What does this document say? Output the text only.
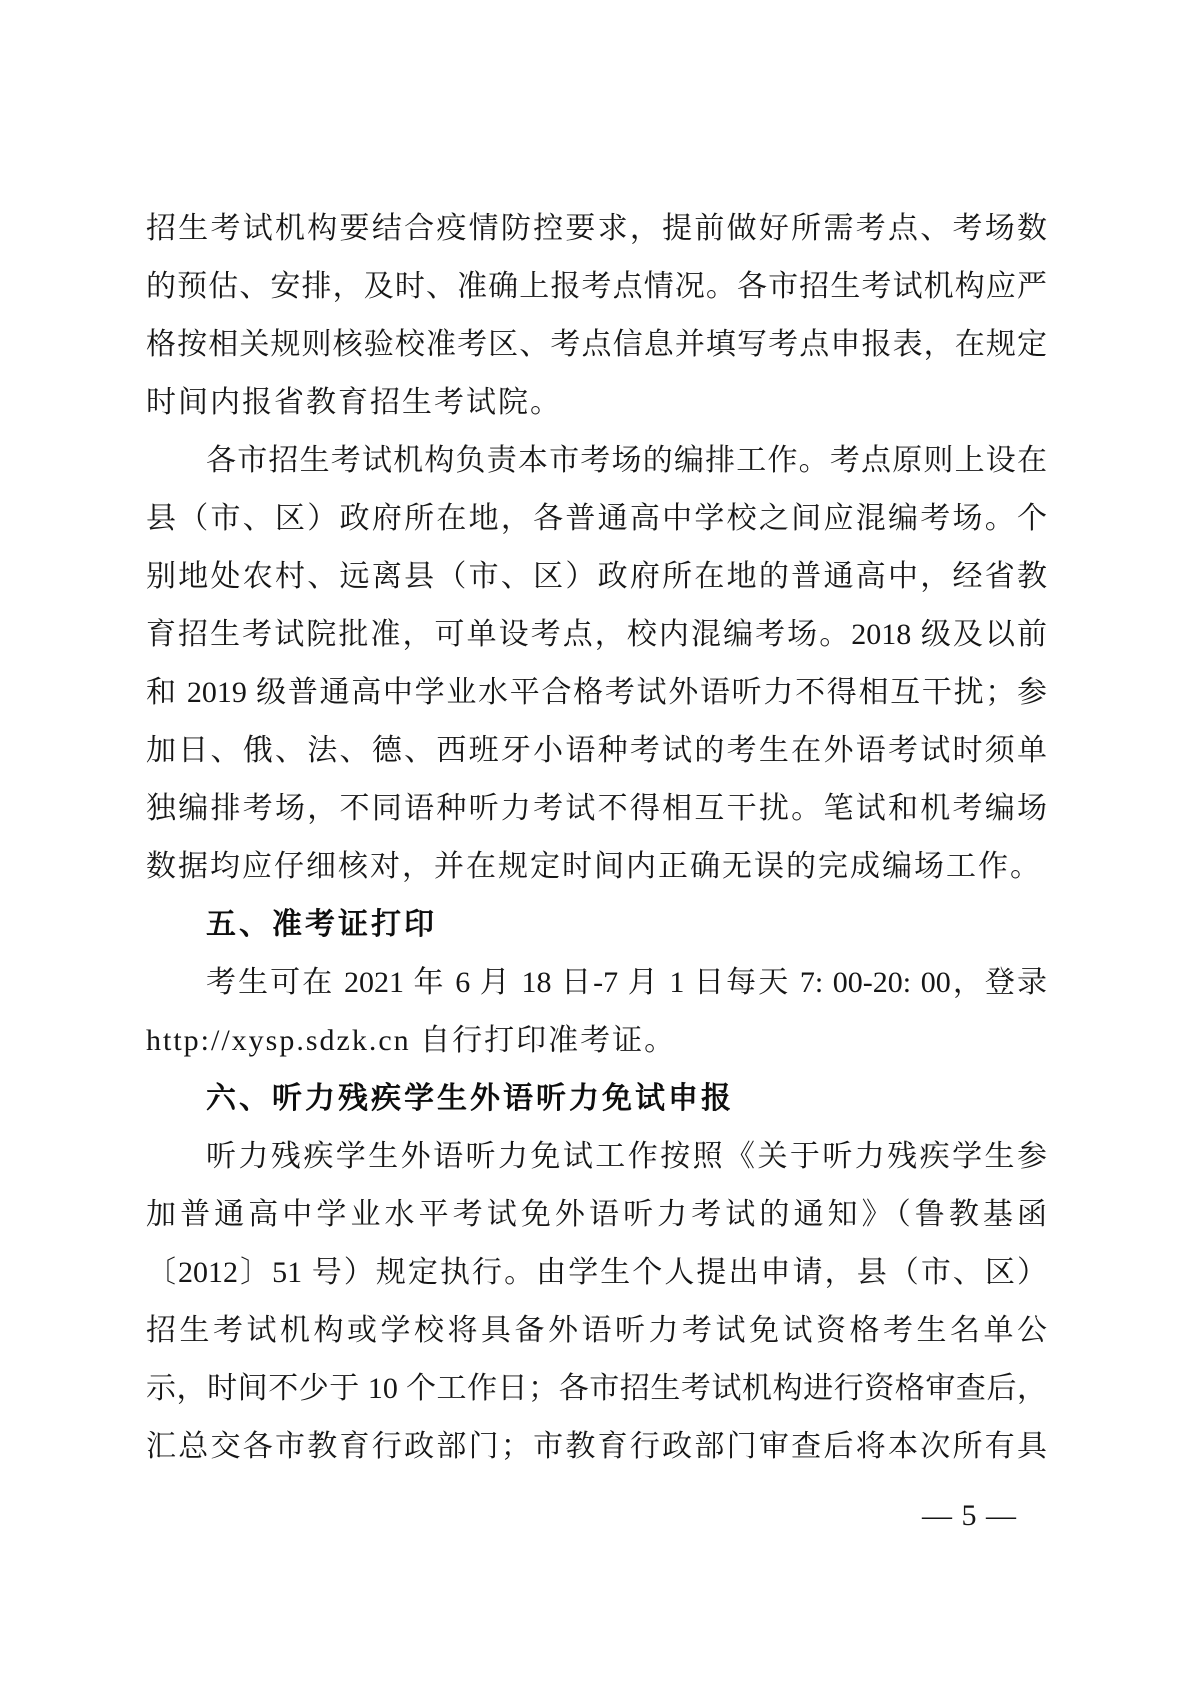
招生考试机构要结合疫情防控要求，提前做好所需考点、考场数
的预估、安排，及时、准确上报考点情况。各市招生考试机构应严
格按相关规则核验校准考区、考点信息并填写考点申报表，在规定
时间内报省教育招生考试院。
各市招生考试机构负责本市考场的编排工作。考点原则上设在
县（市、区）政府所在地，各普通高中学校之间应混编考场。个
别地处农村、远离县（市、区）政府所在地的普通高中，经省教
育招生考试院批准，可单设考点，校内混编考场。2018 级及以前
和 2019 级普通高中学业水平合格考试外语听力不得相互干扰；参
加日、俄、法、德、西班牙小语种考试的考生在外语考试时须单
独编排考场，不同语种听力考试不得相互干扰。笔试和机考编场
数据均应仔细核对，并在规定时间内正确无误的完成编场工作。
五、准考证打印
考生可在 2021 年 6 月 18 日-7 月 1 日每天 7: 00-20: 00，登录
http://xysp.sdzk.cn 自行打印准考证。
六、听力残疾学生外语听力免试申报
听力残疾学生外语听力免试工作按照《关于听力残疾学生参
加普通高中学业水平考试免外语听力考试的通知》（鲁教基函
〔2012〕51 号）规定执行。由学生个人提出申请，县（市、区）
招生考试机构或学校将具备外语听力考试免试资格考生名单公
示，时间不少于 10 个工作日；各市招生考试机构进行资格审查后，
汇总交各市教育行政部门；市教育行政部门审查后将本次所有具
— 5 —
